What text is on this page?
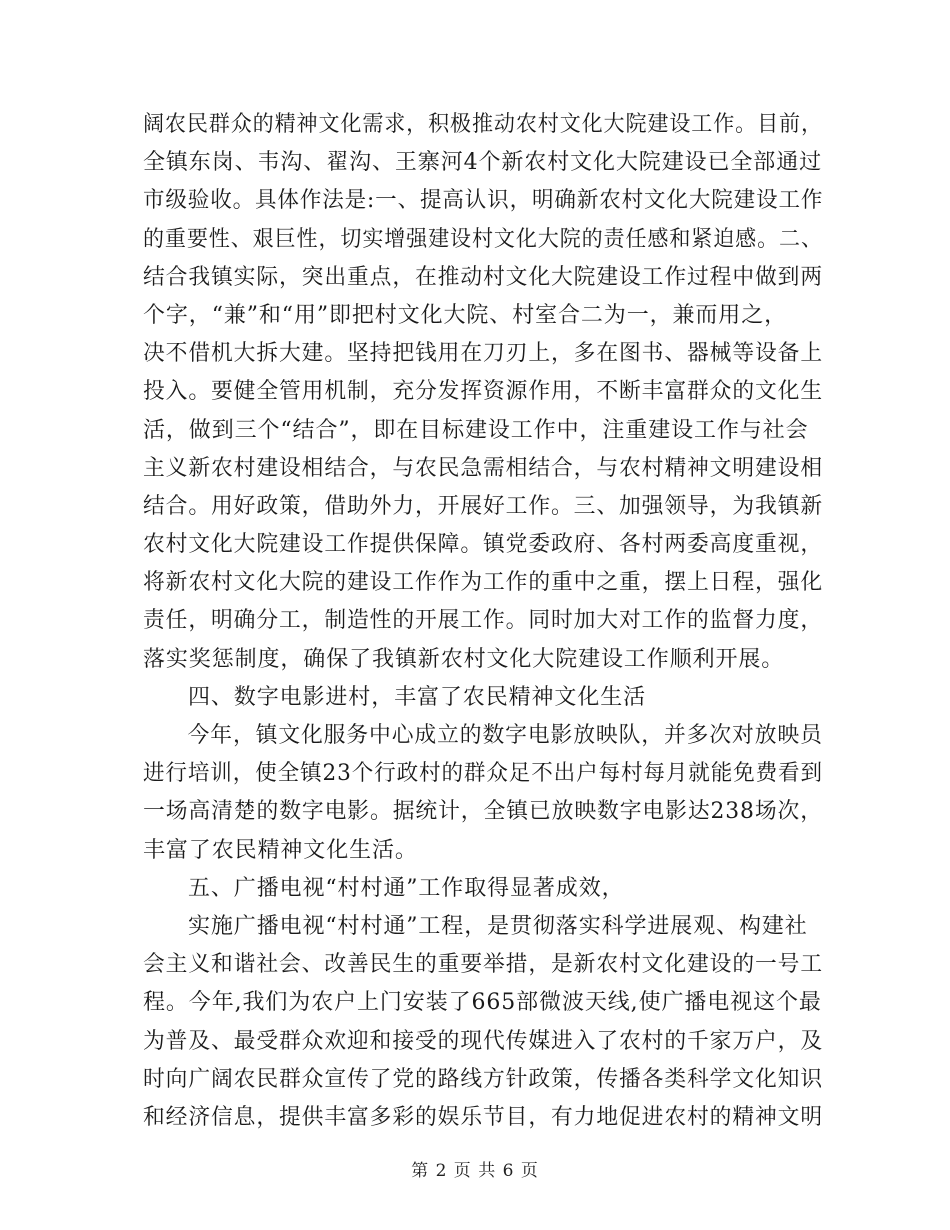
阔农民群众的精神文化需求，积极推动农村文化大院建设工作。目前，
全镇东岗、韦沟、翟沟、王寨河4个新农村文化大院建设已全部通过
市级验收。具体作法是:一、提高认识，明确新农村文化大院建设工作
的重要性、艰巨性，切实增强建设村文化大院的责任感和紧迫感。二、
结合我镇实际，突出重点，在推动村文化大院建设工作过程中做到两
个字，“兼”和“用”即把村文化大院、村室合二为一，兼而用之，
决不借机大拆大建。坚持把钱用在刀刃上，多在图书、器械等设备上
投入。要健全管用机制，充分发挥资源作用，不断丰富群众的文化生
活，做到三个“结合”，即在目标建设工作中，注重建设工作与社会
主义新农村建设相结合，与农民急需相结合，与农村精神文明建设相
结合。用好政策，借助外力，开展好工作。三、加强领导，为我镇新
农村文化大院建设工作提供保障。镇党委政府、各村两委高度重视，
将新农村文化大院的建设工作作为工作的重中之重，摆上日程，强化
责任，明确分工，制造性的开展工作。同时加大对工作的监督力度，
落实奖惩制度，确保了我镇新农村文化大院建设工作顺利开展。
四、数字电影进村，丰富了农民精神文化生活
今年，镇文化服务中心成立的数字电影放映队，并多次对放映员
进行培训，使全镇23个行政村的群众足不出户每村每月就能免费看到
一场高清楚的数字电影。据统计，全镇已放映数字电影达238场次，
丰富了农民精神文化生活。
五、广播电视“村村通”工作取得显著成效，
实施广播电视“村村通”工程，是贯彻落实科学进展观、构建社
会主义和谐社会、改善民生的重要举措，是新农村文化建设的一号工
程。今年,我们为农户上门安装了665部微波天线,使广播电视这个最
为普及、最受群众欢迎和接受的现代传媒进入了农村的千家万户，及
时向广阔农民群众宣传了党的路线方针政策，传播各类科学文化知识
和经济信息，提供丰富多彩的娱乐节目，有力地促进农村的精神文明
第 2 页 共 6 页
